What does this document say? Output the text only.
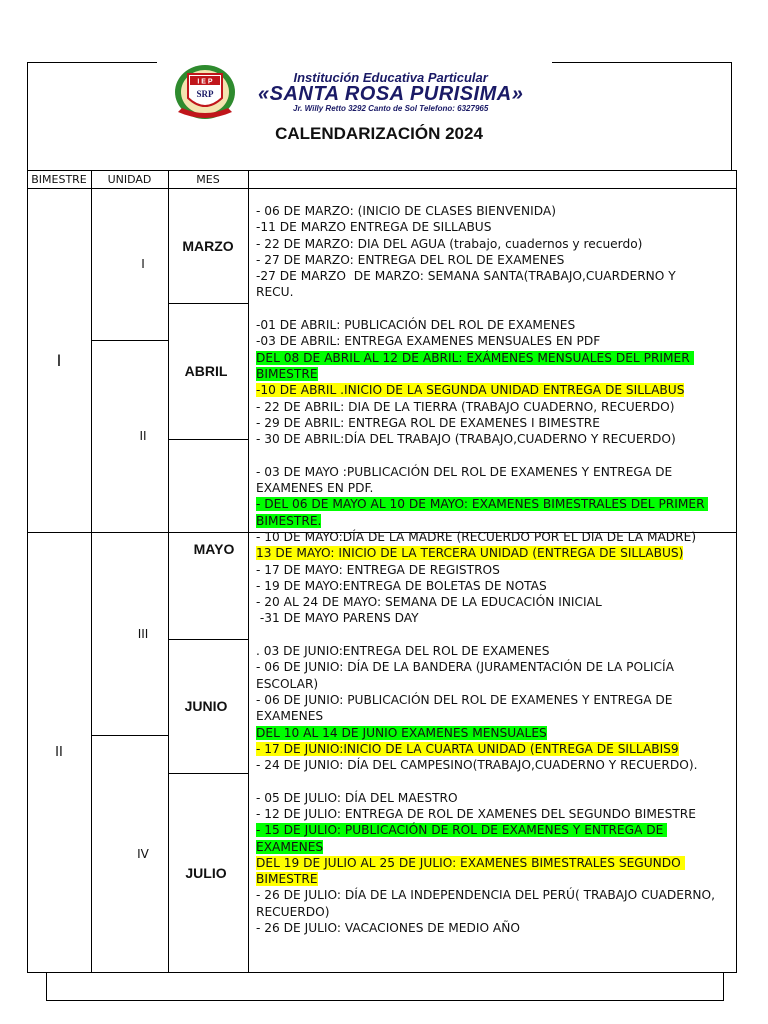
I E P
SRP
Institución Educativa Particular
«SANTA ROSA PURISIMA»
Jr. Willy Retto 3292 Canto de Sol Telefono: 6327965
CALENDARIZACIÓN 2024
BIMESTRE	UNIDAD	MES
I
II
I
II
III
IV
MARZO
ABRIL
MAYO
JUNIO
JULIO
- 06 DE MARZO: (INICIO DE CLASES BIENVENIDA)
-11 DE MARZO ENTREGA DE SILLABUS
- 22 DE MARZO: DIA DEL AGUA (trabajo, cuadernos y recuerdo)
- 27 DE MARZO: ENTREGA DEL ROL DE EXAMENES
-27 DE MARZO  DE MARZO: SEMANA SANTA(TRABAJO,CUARDERNO Y RECU.

-01 DE ABRIL: PUBLICACIÓN DEL ROL DE EXAMENES
-03 DE ABRIL: ENTREGA EXAMENES MENSUALES EN PDF
DEL 08 DE ABRIL AL 12 DE ABRIL: EXÁMENES MENSUALES DEL PRIMER BIMESTRE
-10 DE ABRIL .INICIO DE LA SEGUNDA UNIDAD ENTREGA DE SILLABUS
- 22 DE ABRIL: DIA DE LA TIERRA (TRABAJO CUADERNO, RECUERDO)
- 29 DE ABRIL: ENTREGA ROL DE EXAMENES I BIMESTRE
- 30 DE ABRIL:DÍA DEL TRABAJO (TRABAJO,CUADERNO Y RECUERDO)

- 03 DE MAYO :PUBLICACIÓN DEL ROL DE EXAMENES Y ENTREGA DE EXAMENES EN PDF.
- DEL 06 DE MAYO AL 10 DE MAYO: EXAMENES BIMESTRALES DEL PRIMER BIMESTRE.
- 10 DE MAYO:DÍA DE LA MADRE (RECUERDO POR EL DIA DE LA MADRE)
13 DE MAYO: INICIO DE LA TERCERA UNIDAD (ENTREGA DE SILLABUS)
- 17 DE MAYO: ENTREGA DE REGISTROS
- 19 DE MAYO:ENTREGA DE BOLETAS DE NOTAS
- 20 AL 24 DE MAYO: SEMANA DE LA EDUCACIÓN INICIAL
-31 DE MAYO PARENS DAY

. 03 DE JUNIO:ENTREGA DEL ROL DE EXAMENES
- 06 DE JUNIO: DÍA DE LA BANDERA (JURAMENTACIÓN DE LA POLICÍA ESCOLAR)
- 06 DE JUNIO: PUBLICACIÓN DEL ROL DE EXAMENES Y ENTREGA DE EXAMENES
DEL 10 AL 14 DE JUNIO EXAMENES MENSUALES
- 17 DE JUNIO:INICIO DE LA CUARTA UNIDAD (ENTREGA DE SILLABIS9
- 24 DE JUNIO: DÍA DEL CAMPESINO(TRABAJO,CUADERNO Y RECUERDO).

- 05 DE JULIO: DÍA DEL MAESTRO
- 12 DE JULIO: ENTREGA DE ROL DE XAMENES DEL SEGUNDO BIMESTRE
- 15 DE JULIO: PUBLICACIÓN DE ROL DE EXAMENES Y ENTREGA DE EXAMENES
DEL 19 DE JULIO AL 25 DE JULIO: EXAMENES BIMESTRALES SEGUNDO BIMESTRE
- 26 DE JULIO: DÍA DE LA INDEPENDENCIA DEL PERÚ( TRABAJO CUADERNO, RECUERDO)
- 26 DE JULIO: VACACIONES DE MEDIO AÑO
